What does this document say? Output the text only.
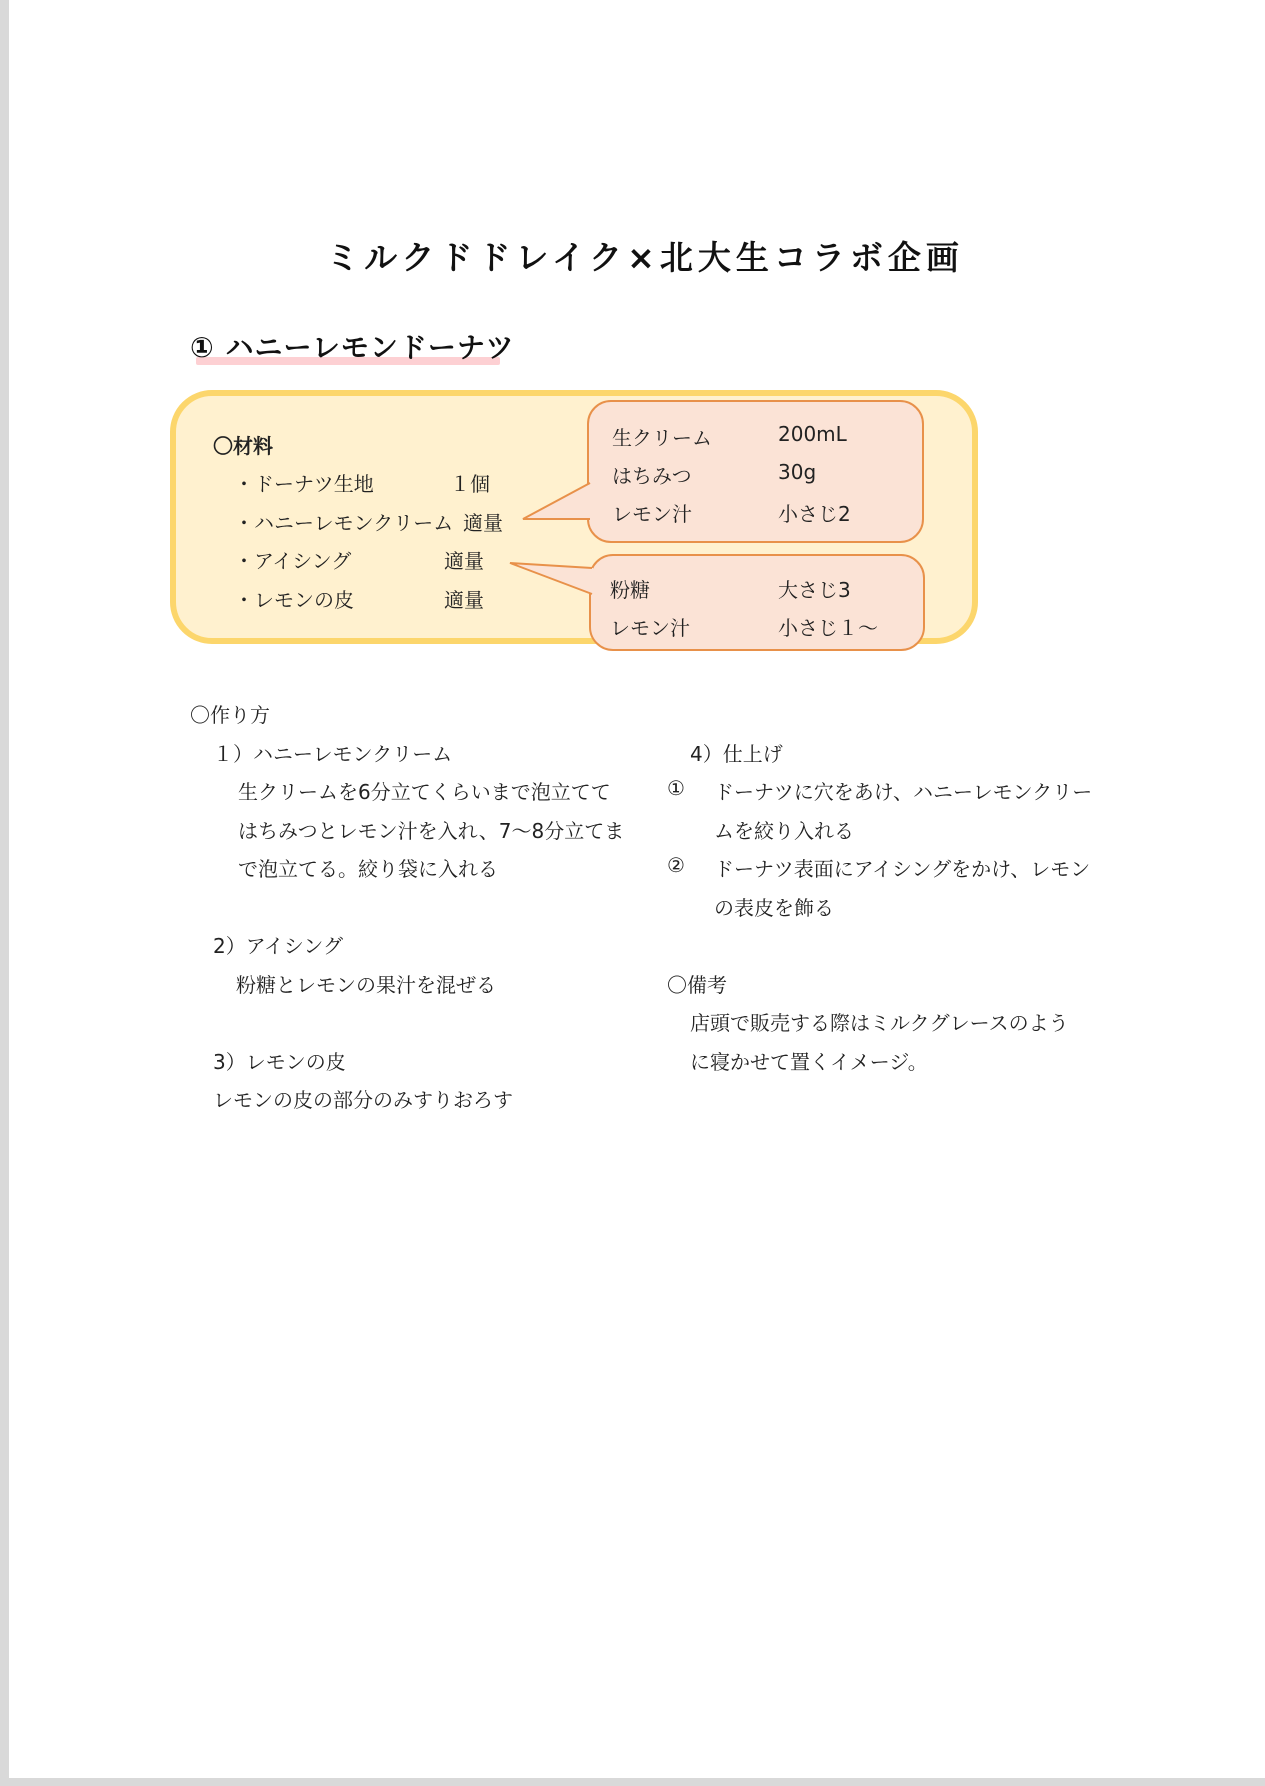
ミルクドドレイク×北大生コラボ企画
① ハニーレモンドーナツ
〇材料
・ドーナツ生地	１個
・ハニーレモンクリーム 適量
・アイシング	適量
・レモンの皮	適量
生クリーム	200mL
はちみつ	30g
レモン汁	小さじ2
粉糖	大さじ3
レモン汁	小さじ１～
〇作り方
１）ハニーレモンクリーム
生クリームを6分立てくらいまで泡立てて
はちみつとレモン汁を入れ、7～8分立てま
で泡立てる。絞り袋に入れる
2）アイシング
粉糖とレモンの果汁を混ぜる
3）レモンの皮
レモンの皮の部分のみすりおろす
4）仕上げ
① ドーナツに穴をあけ、ハニーレモンクリー
ムを絞り入れる
② ドーナツ表面にアイシングをかけ、レモン
の表皮を飾る
〇備考
店頭で販売する際はミルクグレースのよう
に寝かせて置くイメージ。
